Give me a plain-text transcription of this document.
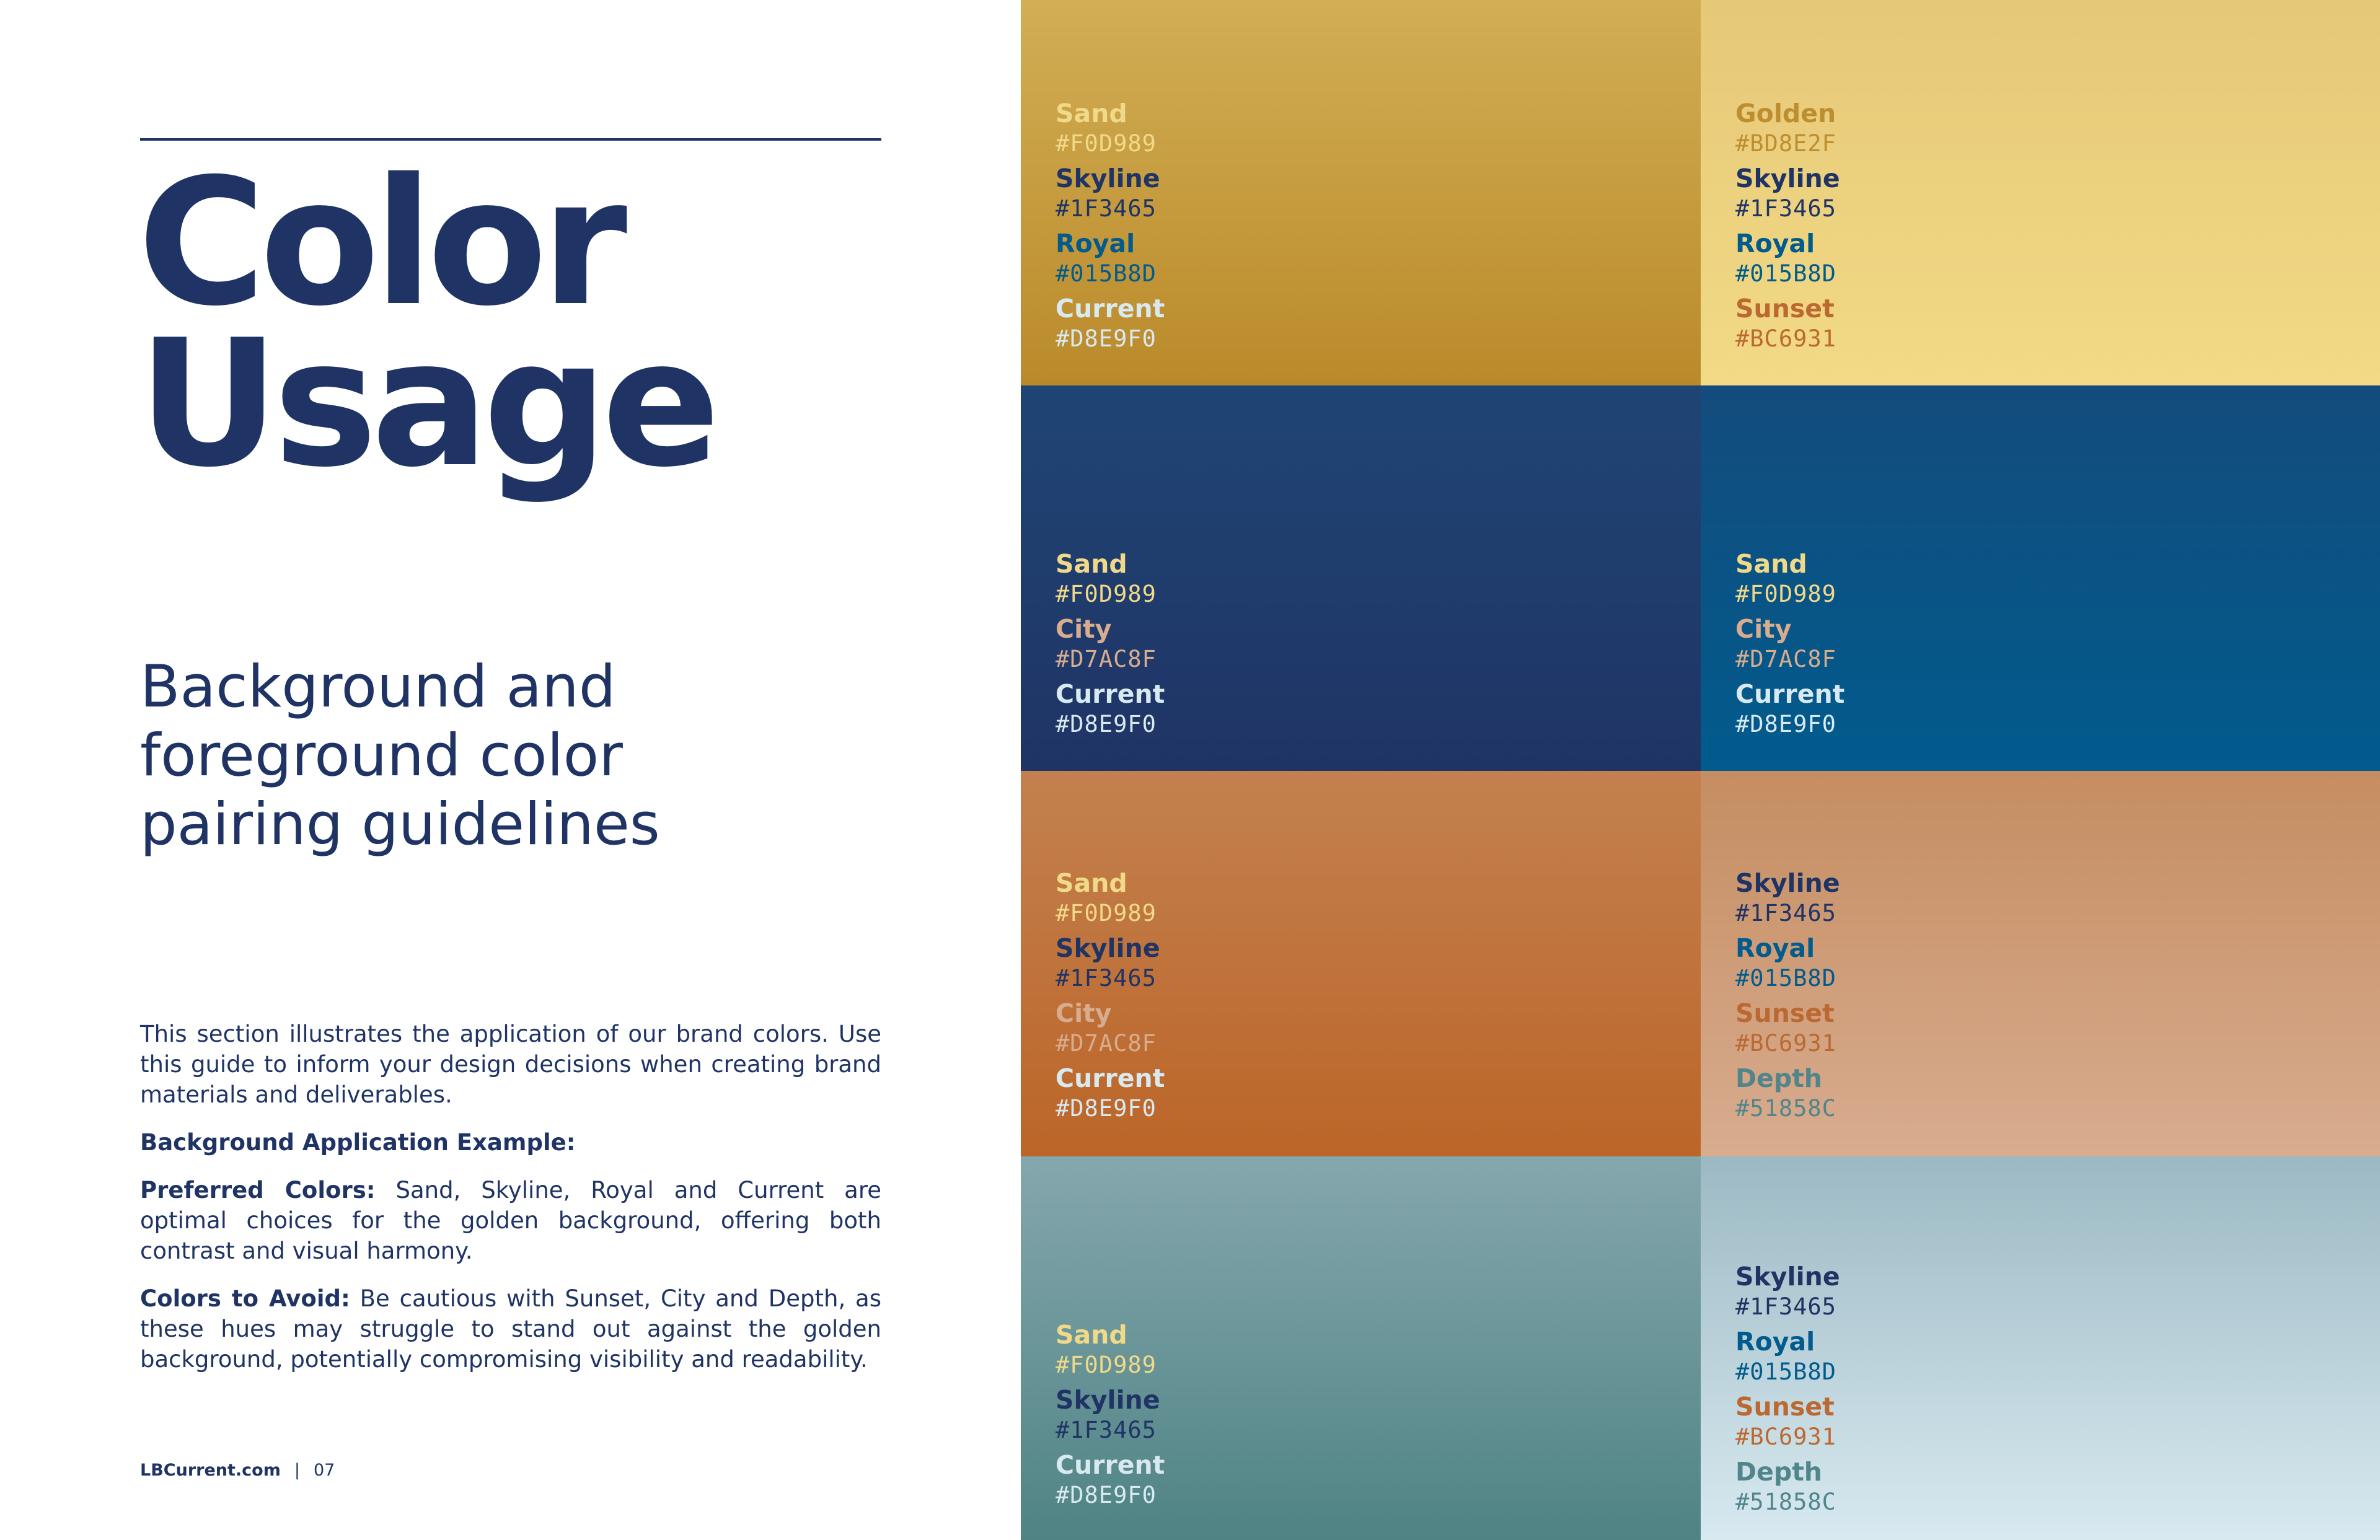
Color
Usage
Background and
foreground color
pairing guidelines

This section illustrates the application of our brand colors. Use this guide to inform your design decisions when creating brand materials and deliverables.

Background Application Example:

Preferred Colors: Sand, Skyline, Royal and Current are optimal choices for the golden background, offering both contrast and visual harmony.

Colors to Avoid: Be cautious with Sunset, City and Depth, as these hues may struggle to stand out against the golden background, potentially compromising visibility and readability.

LBCurrent.com | 07
Sand
#F0D989
Skyline
#1F3465
Royal
#015B8D
Current
#D8E9F0
Golden
#BD8E2F
Skyline
#1F3465
Royal
#015B8D
Sunset
#BC6931
Sand
#F0D989
City
#D7AC8F
Current
#D8E9F0
Sand
#F0D989
City
#D7AC8F
Current
#D8E9F0
Sand
#F0D989
Skyline
#1F3465
City
#D7AC8F
Current
#D8E9F0
Skyline
#1F3465
Royal
#015B8D
Sunset
#BC6931
Depth
#51858C
Sand
#F0D989
Skyline
#1F3465
Current
#D8E9F0
Skyline
#1F3465
Royal
#015B8D
Sunset
#BC6931
Depth
#51858C
